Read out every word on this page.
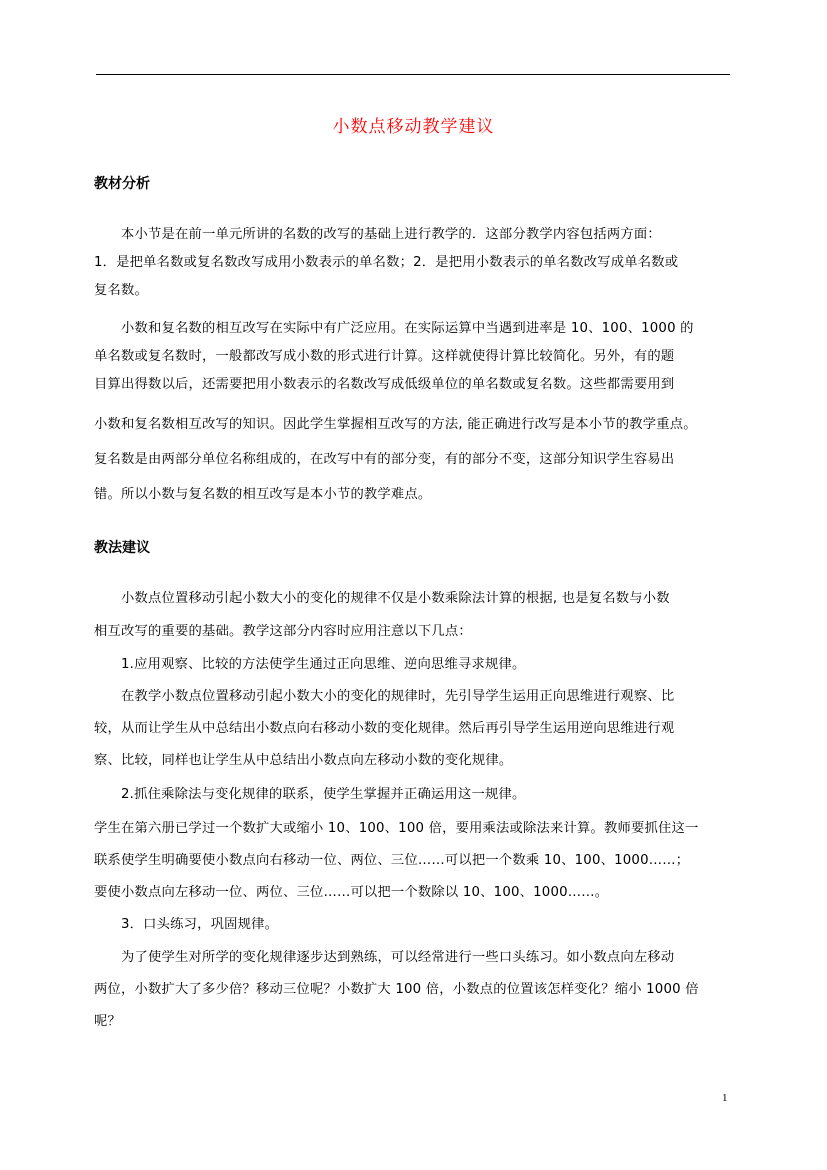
小数点移动教学建议
教材分析
本小节是在前一单元所讲的名数的改写的基础上进行教学的．这部分教学内容包括两方面：
1．是把单名数或复名数改写成用小数表示的单名数；2．是把用小数表示的单名数改写成单名数或
复名数。
小数和复名数的相互改写在实际中有广泛应用。在实际运算中当遇到进率是 10、100、1000 的
单名数或复名数时，一般都改写成小数的形式进行计算。这样就使得计算比较简化。另外，有的题
目算出得数以后，还需要把用小数表示的名数改写成低级单位的单名数或复名数。这些都需要用到
小数和复名数相互改写的知识。因此学生掌握相互改写的方法, 能正确进行改写是本小节的教学重点。
复名数是由两部分单位名称组成的，在改写中有的部分变，有的部分不变，这部分知识学生容易出
错。所以小数与复名数的相互改写是本小节的教学难点。
教法建议
小数点位置移动引起小数大小的变化的规律不仅是小数乘除法计算的根据, 也是复名数与小数
相互改写的重要的基础。教学这部分内容时应用注意以下几点：
1.应用观察、比较的方法使学生通过正向思维、逆向思维寻求规律。
在教学小数点位置移动引起小数大小的变化的规律时，先引导学生运用正向思维进行观察、比
较，从而让学生从中总结出小数点向右移动小数的变化规律。然后再引导学生运用逆向思维进行观
察、比较，同样也让学生从中总结出小数点向左移动小数的变化规律。
2.抓住乘除法与变化规律的联系，使学生掌握并正确运用这一规律。
学生在第六册已学过一个数扩大或缩小 10、100、100 倍，要用乘法或除法来计算。教师要抓住这一
联系使学生明确要使小数点向右移动一位、两位、三位……可以把一个数乘 10、100、1000……；
要使小数点向左移动一位、两位、三位……可以把一个数除以 10、100、1000……。
3．口头练习，巩固规律。
为了使学生对所学的变化规律逐步达到熟练，可以经常进行一些口头练习。如小数点向左移动
两位，小数扩大了多少倍？移动三位呢？小数扩大 100 倍，小数点的位置该怎样变化？缩小 1000 倍
呢？
1
